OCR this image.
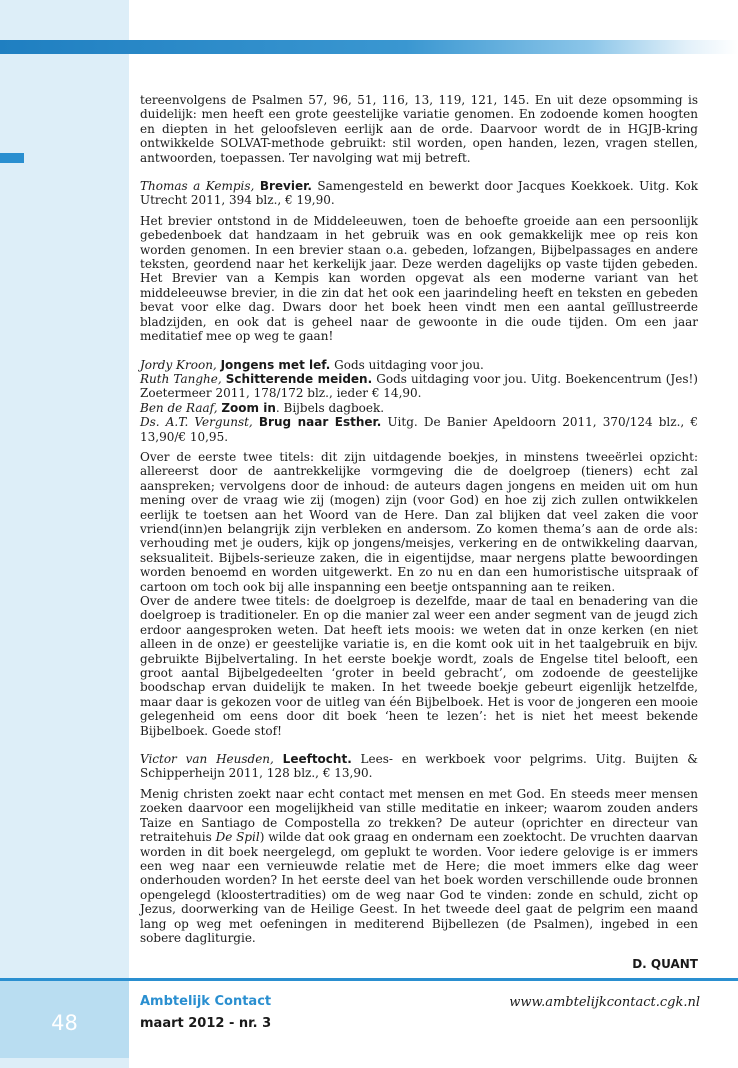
tereenvolgens de Psalmen 57, 96, 51, 116, 13, 119, 121, 145. En uit deze opsomming is duidelijk: men heeft een grote geestelijke variatie genomen. En zodoende komen hoogten en diepten in het geloofsleven eerlijk aan de orde. Daarvoor wordt de in HGJB-kring ontwikkelde SOLVAT-methode gebruikt: stil worden, open handen, lezen, vragen stellen, antwoorden, toepassen. Ter navolging wat mij betreft.

Thomas a Kempis, Brevier. Samengesteld en bewerkt door Jacques Koekkoek. Uitg. Kok Utrecht 2011, 394 blz., € 19,90.

Het brevier ontstond in de Middeleeuwen, toen de behoefte groeide aan een persoonlijk gebedenboek dat handzaam in het gebruik was en ook gemakkelijk mee op reis kon worden genomen. In een brevier staan o.a. gebeden, lofzangen, Bijbelpassages en andere teksten, geordend naar het kerkelijk jaar. Deze werden dagelijks op vaste tijden gebeden. Het Brevier van a Kempis kan worden opgevat als een moderne variant van het middeleeuwse brevier, in die zin dat het ook een jaarindeling heeft en teksten en gebeden bevat voor elke dag. Dwars door het boek heen vindt men een aantal geïllustreerde bladzijden, en ook dat is geheel naar de gewoonte in die oude tijden. Om een jaar meditatief mee op weg te gaan!

Jordy Kroon, Jongens met lef. Gods uitdaging voor jou.

Ruth Tanghe, Schitterende meiden. Gods uitdaging voor jou. Uitg. Boekencentrum (Jes!) Zoetermeer 2011, 178/172 blz., ieder € 14,90.

Ben de Raaf, Zoom in. Bijbels dagboek.

Ds. A.T. Vergunst, Brug naar Esther. Uitg. De Banier Apeldoorn 2011, 370/124 blz., € 13,90/€ 10,95.

Over de eerste twee titels: dit zijn uitdagende boekjes, in minstens tweeërlei opzicht: allereerst door de aantrekkelijke vormgeving die de doelgroep (tieners) echt zal aanspreken; vervolgens door de inhoud: de auteurs dagen jongens en meiden uit om hun mening over de vraag wie zij (mogen) zijn (voor God) en hoe zij zich zullen ontwikkelen eerlijk te toetsen aan het Woord van de Here. Dan zal blijken dat veel zaken die voor vriend(inn)en belangrijk zijn verbleken en andersom. Zo komen thema’s aan de orde als: verhouding met je ouders, kijk op jongens/meisjes, verkering en de ontwikkeling daarvan, seksualiteit. Bijbels-serieuze zaken, die in eigentijdse, maar nergens platte bewoordingen worden benoemd en worden uitgewerkt. En zo nu en dan een humoristische uitspraak of cartoon om toch ook bij alle inspanning een beetje ontspanning aan te reiken.

Over de andere twee titels: de doelgroep is dezelfde, maar de taal en benadering van die doelgroep is traditioneler. En op die manier zal weer een ander segment van de jeugd zich erdoor aangesproken weten. Dat heeft iets moois: we weten dat in onze kerken (en niet alleen in de onze) er geestelijke variatie is, en die komt ook uit in het taalgebruik en bijv. gebruikte Bijbelvertaling. In het eerste boekje wordt, zoals de Engelse titel belooft, een groot aantal Bijbelgedeelten ‘groter in beeld gebracht’, om zodoende de geestelijke boodschap ervan duidelijk te maken. In het tweede boekje gebeurt eigenlijk hetzelfde, maar daar is gekozen voor de uitleg van één Bijbelboek. Het is voor de jongeren een mooie gelegenheid om eens door dit boek ‘heen te lezen’: het is niet het meest bekende Bijbelboek. Goede stof!

Victor van Heusden, Leeftocht. Lees- en werkboek voor pelgrims. Uitg. Buijten & Schipperheijn 2011, 128 blz., € 13,90.

Menig christen zoekt naar echt contact met mensen en met God. En steeds meer mensen zoeken daarvoor een mogelijkheid van stille meditatie en inkeer; waarom zouden anders Taize en Santiago de Compostella zo trekken? De auteur (oprichter en directeur van retraitehuis De Spil) wilde dat ook graag en ondernam een zoektocht. De vruchten daarvan worden in dit boek neergelegd, om geplukt te worden. Voor iedere gelovige is er immers een weg naar een vernieuwde relatie met de Here; die moet immers elke dag weer onderhouden worden? In het eerste deel van het boek worden verschillende oude bronnen opengelegd (kloostertradities) om de weg naar God te vinden: zonde en schuld, zicht op Jezus, doorwerking van de Heilige Geest. In het tweede deel gaat de pelgrim een maand lang op weg met oefeningen in mediterend Bijbellezen (de Psalmen), ingebed in een sobere dagliturgie.

D. QUANT

48
Ambtelijk Contact
maart 2012 - nr. 3
www.ambtelijkcontact.cgk.nl
